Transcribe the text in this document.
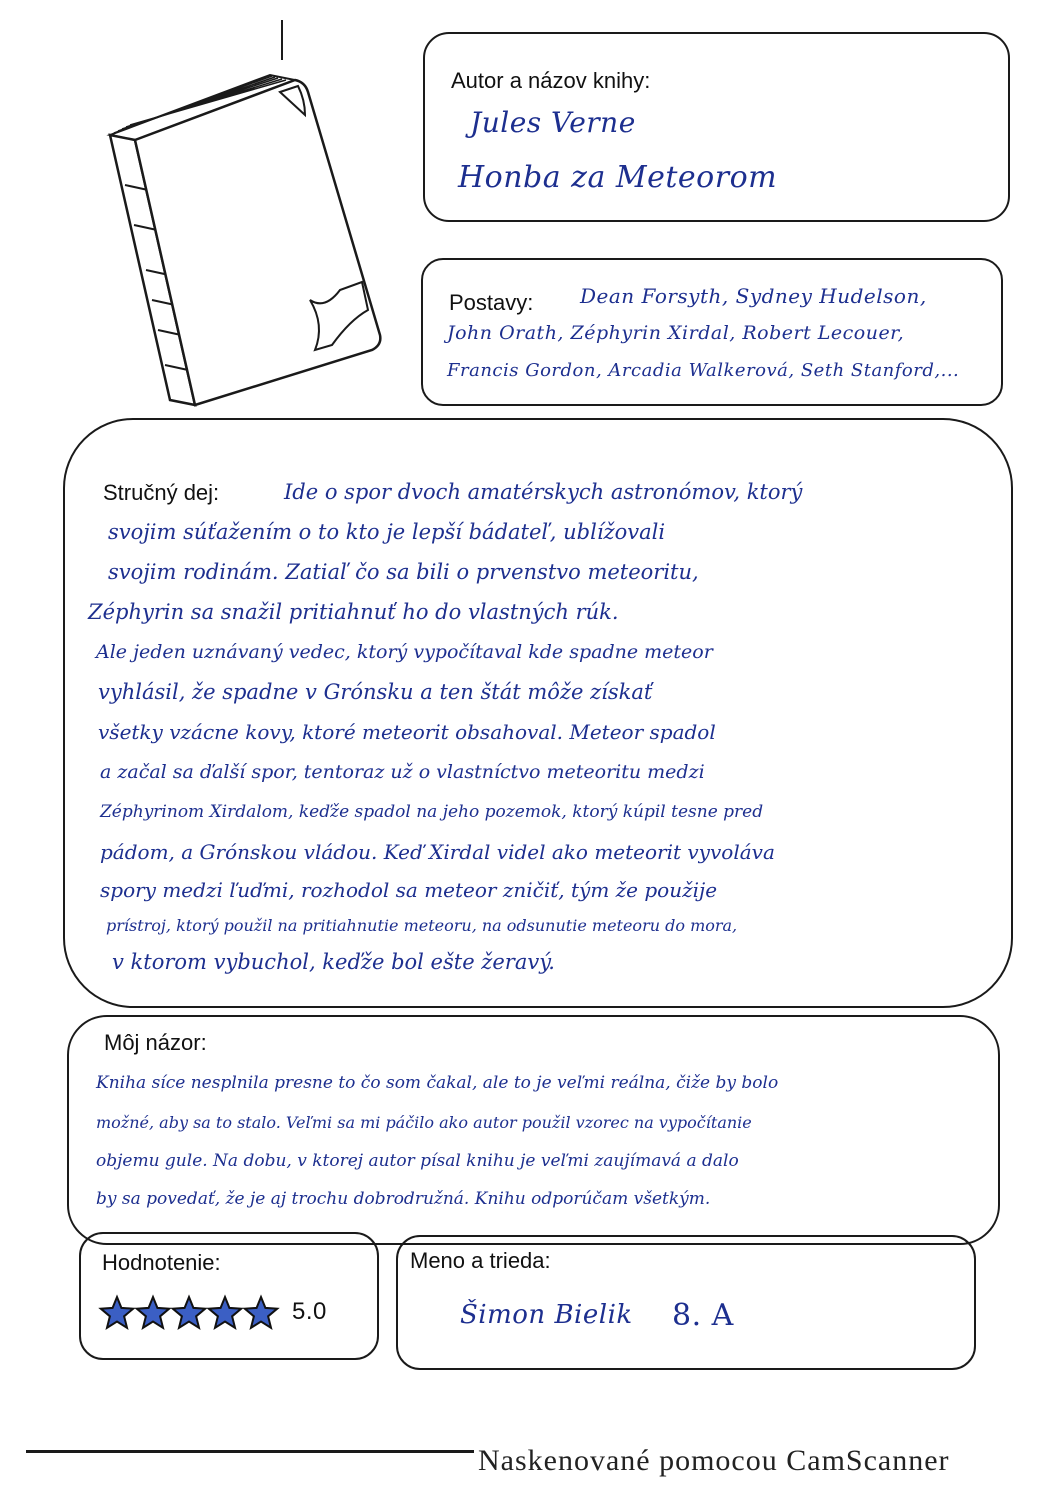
Autor a názov knihy:
Jules Verne
Honba za Meteorom
Postavy: Dean Forsyth, Sydney Hudelson,
John Orath, Zéphyrin Xirdal, Robert Lecouer,
Francis Gordon, Arcadia Walkerová, Seth Stanford,...
Stručný dej:	Ide o spor dvoch amatérskych astronómov, ktorý
svojim súťažením o to kto je lepší bádateľ, ublížovali
svojim rodinám. Zatiaľ čo sa bili o prvenstvo meteoritu,
Zéphyrin sa snažil pritiahnuť ho do vlastných rúk.
Ale jeden uznávaný vedec, ktorý vypočítaval kde spadne meteor
vyhlásil, že spadne v Grónsku a ten štát môže získať
všetky vzácne kovy, ktoré meteorit obsahoval. Meteor spadol
a začal sa ďalší spor, tentoraz už o vlastníctvo meteoritu medzi
Zéphyrinom Xirdalom, keďže spadol na jeho pozemok, ktorý kúpil tesne pred
pádom, a Grónskou vládou. Keď Xirdal videl ako meteorit vyvoláva
spory medzi ľuďmi, rozhodol sa meteor zničiť, tým že použije
prístroj, ktorý použil na pritiahnutie meteoru, na odsunutie meteoru do mora,
v ktorom vybuchol, keďže bol ešte žeravý.
Môj názor:
Kniha síce nesplnila presne to čo som čakal, ale to je veľmi reálna, čiže by bolo
možné, aby sa to stalo. Veľmi sa mi páčilo ako autor použil vzorec na vypočítanie
objemu gule. Na dobu, v ktorej autor písal knihu je veľmi zaujímavá a dalo
by sa povedať, že je aj trochu dobrodružná. Knihu odporúčam všetkým.
Hodnotenie:
5.0
Meno a trieda:
Šimon Bielik 8. A
Naskenované pomocou CamScanner
